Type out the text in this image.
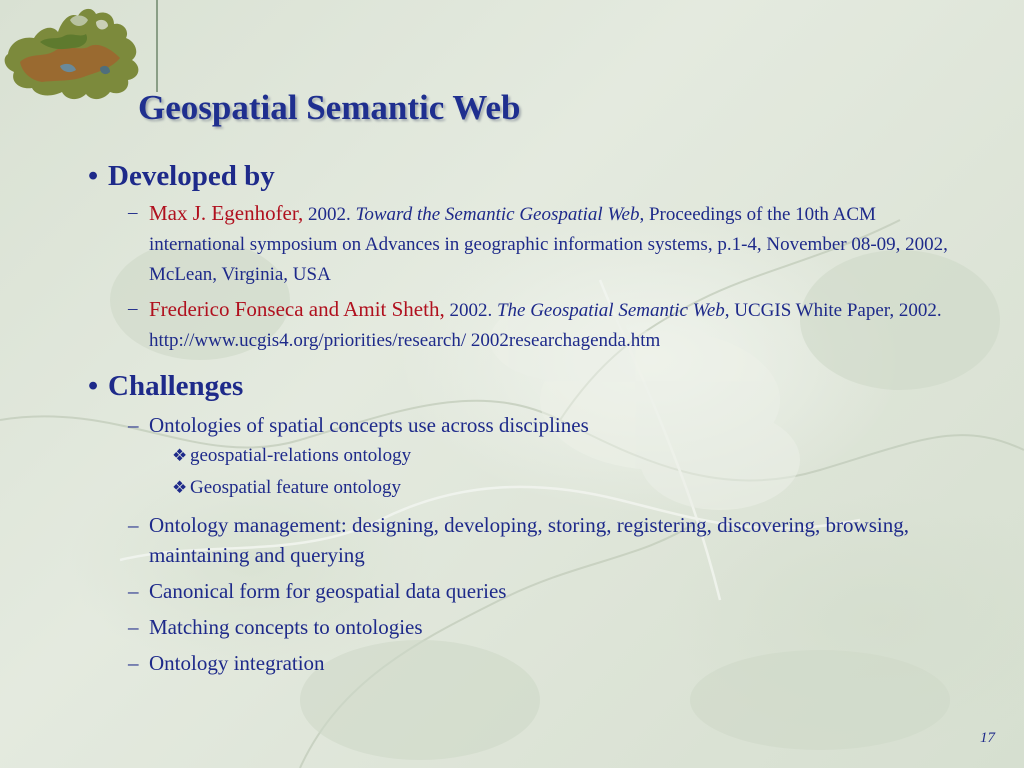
Geospatial Semantic Web
• Developed by
– Max J. Egenhofer, 2002. Toward the Semantic Geospatial Web, Proceedings of the 10th ACM international symposium on Advances in geographic information systems, p.1-4, November 08-09, 2002, McLean, Virginia, USA
– Frederico Fonseca and Amit Sheth, 2002. The Geospatial Semantic Web, UCGIS White Paper, 2002. http://www.ucgis4.org/priorities/research/ 2002researchagenda.htm
• Challenges
– Ontologies of spatial concepts use across disciplines
❖ geospatial-relations ontology
❖ Geospatial feature ontology
– Ontology management: designing, developing, storing, registering, discovering, browsing, maintaining and querying
– Canonical form for geospatial data queries
– Matching concepts to ontologies
– Ontology integration
17
